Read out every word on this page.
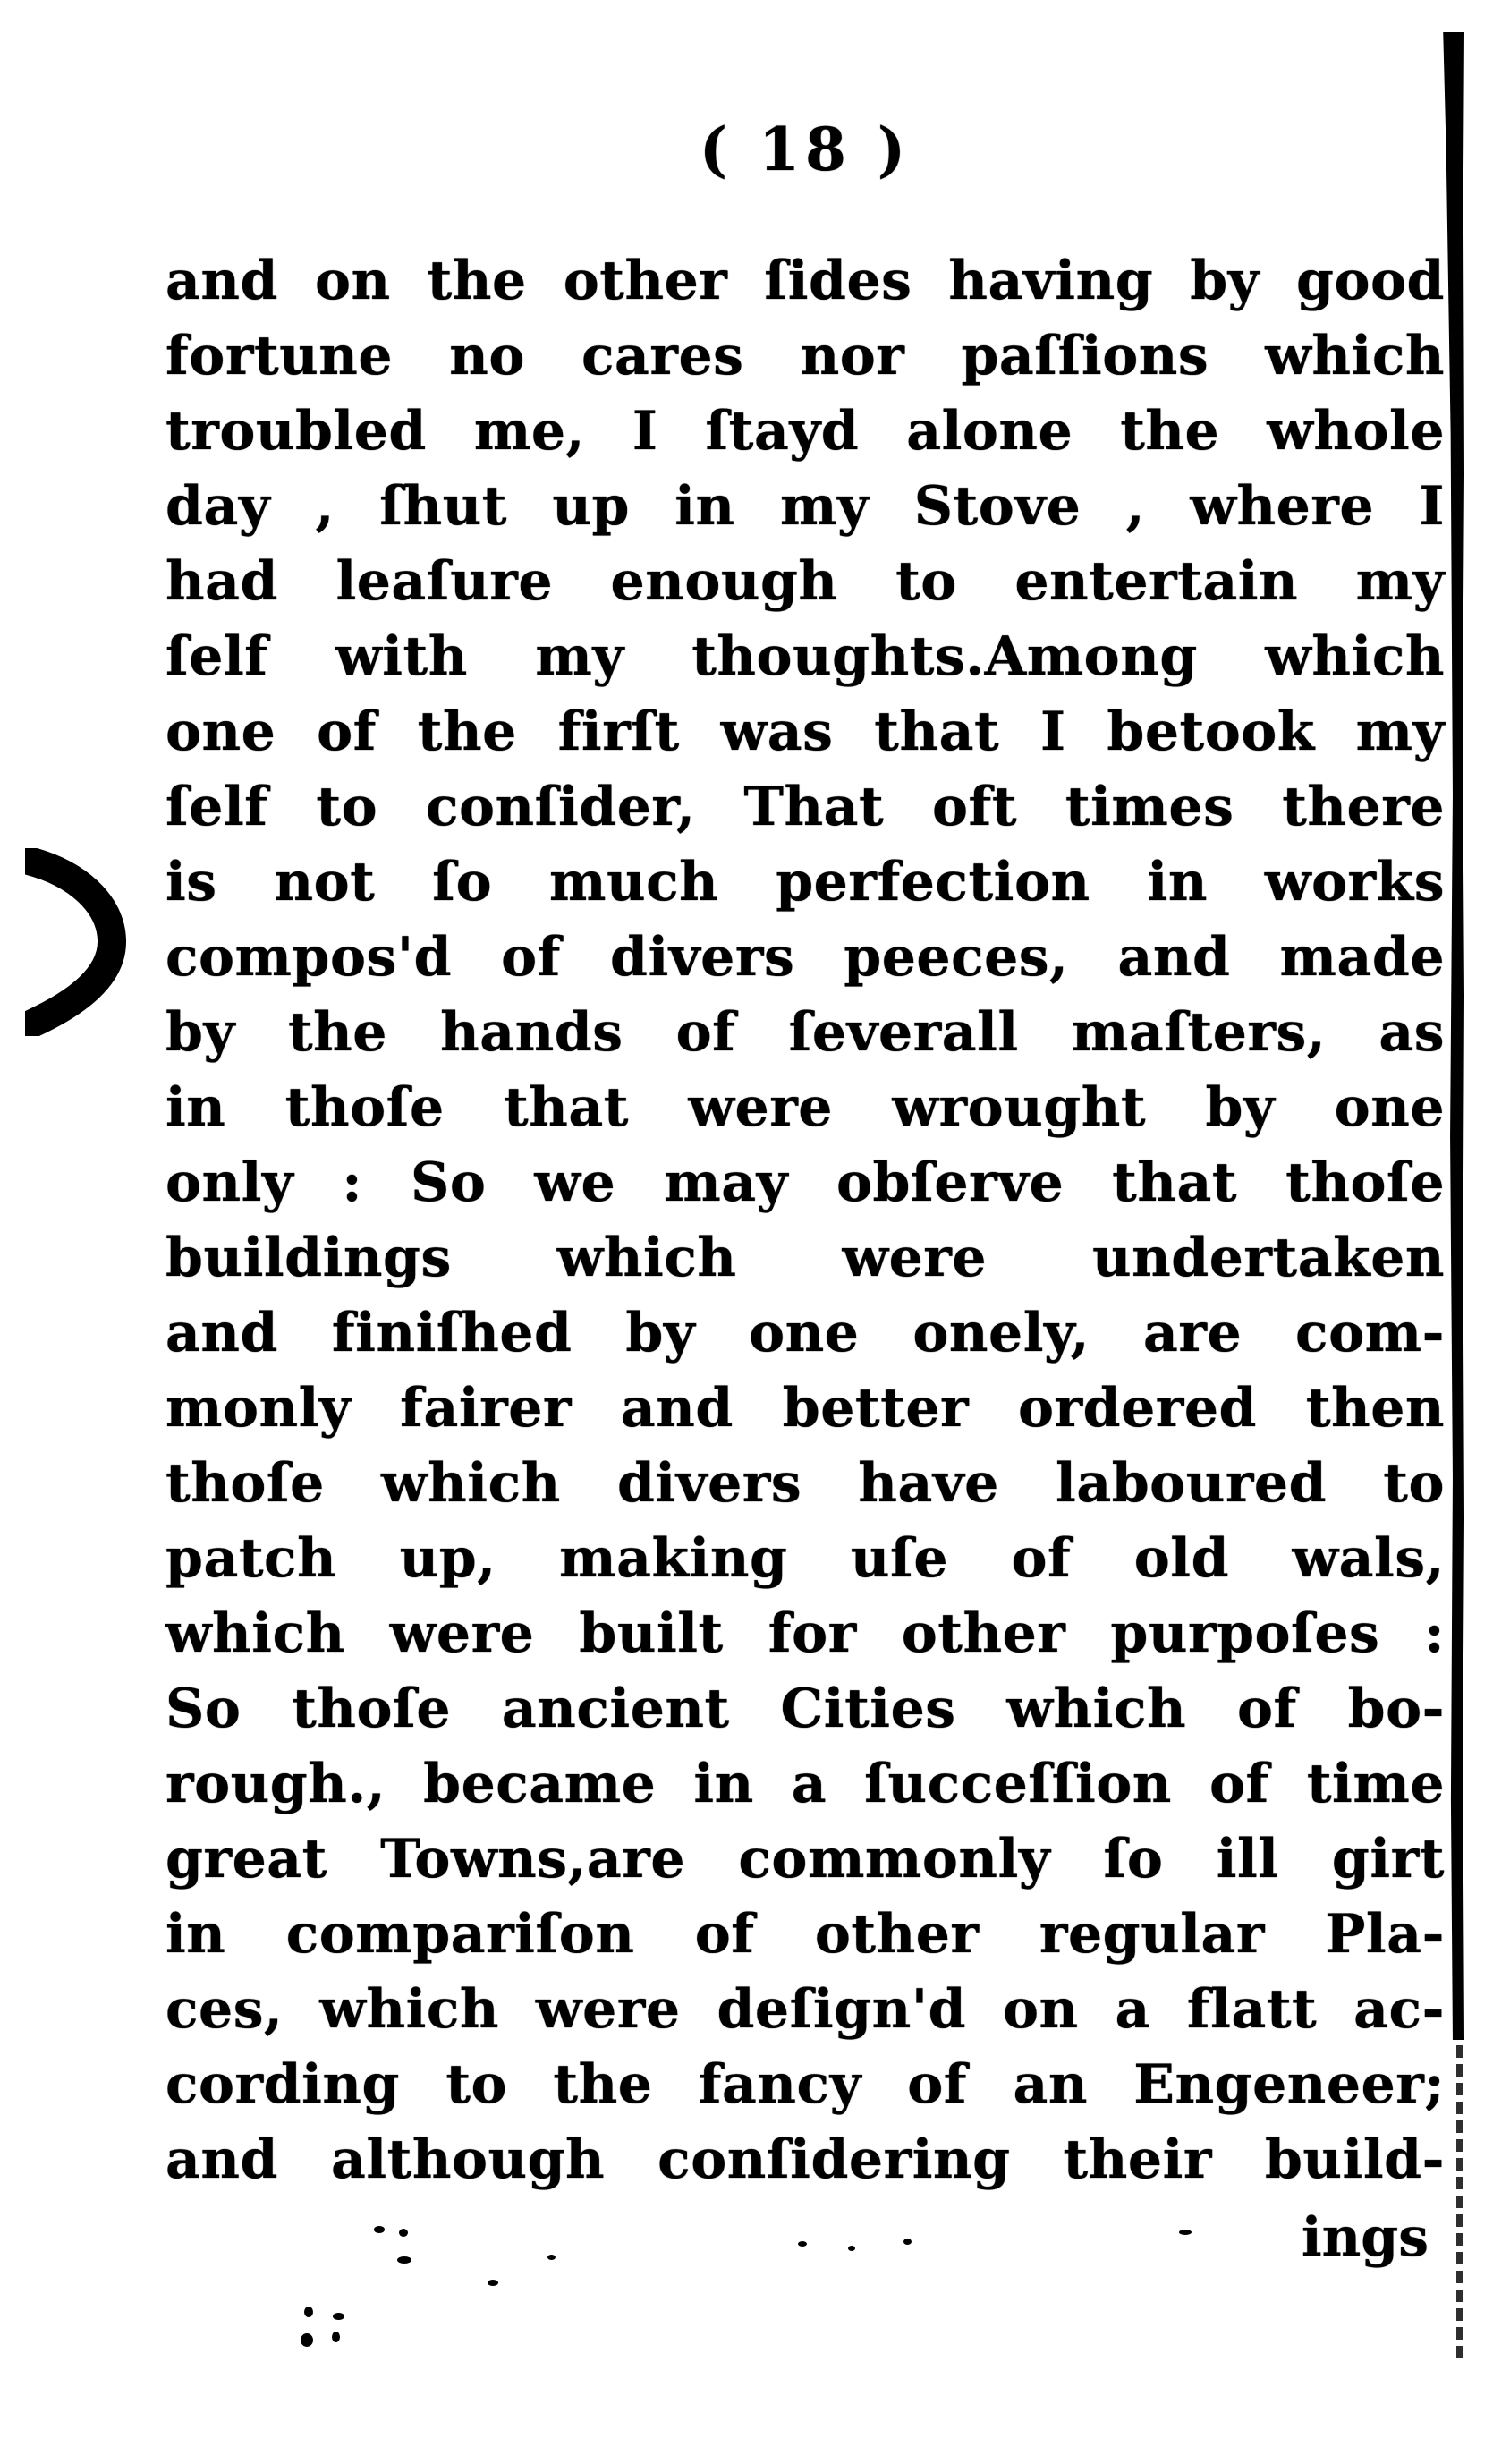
( 18 )
and on the other ſides having by good
fortune no cares nor paſſions which
troubled me, I ſtayd alone the whole
day , ſhut up in my Stove , where I
had leaſure enough to entertain my
ſelf with my thoughts.Among which
one of the firſt was that I betook my
ſelf to conſider, That oft times there
is not ſo much perfection in works
compos'd of divers peeces, and made
by the hands of ſeverall maſters, as
in thoſe that were wrought by one
only : So we may obſerve that thoſe
buildings which were undertaken
and finiſhed by one onely, are com-
monly fairer and better ordered then
thoſe which divers have laboured to
patch up, making uſe of old wals,
which were built for other purpoſes :
So thoſe ancient Cities which of bo-
rough., became in a ſucceſſion of time
great Towns,are commonly ſo ill girt
in compariſon of other regular Pla-
ces, which were deſign'd on a flatt ac-
cording to the fancy of an Engeneer;
and although conſidering their build-
ings
